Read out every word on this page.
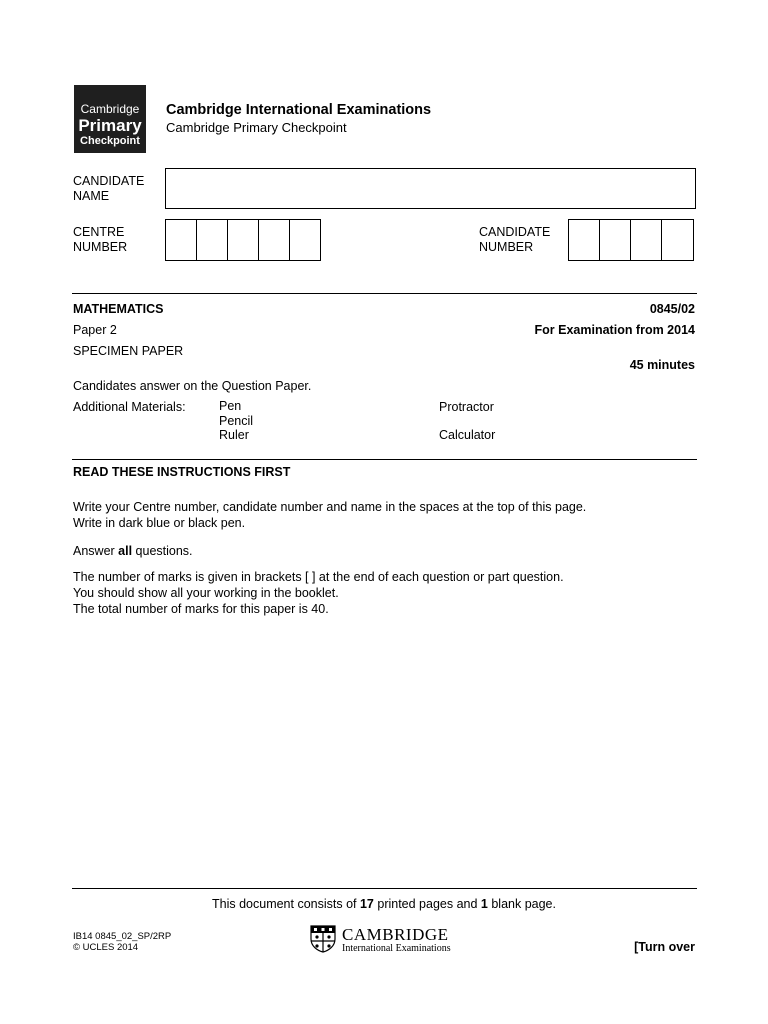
Cambridge
Primary
Checkpoint
Cambridge International Examinations
Cambridge Primary Checkpoint
CANDIDATE
NAME
CENTRE
NUMBER
CANDIDATE
NUMBER
MATHEMATICS	0845/02
Paper 2	For Examination from 2014
SPECIMEN PAPER
45 minutes
Candidates answer on the Question Paper.
Additional Materials:	Pen
Pencil
Ruler
Protractor
Calculator
READ THESE INSTRUCTIONS FIRST
Write your Centre number, candidate number and name in the spaces at the top of this page.
Write in dark blue or black pen.
Answer all questions.
The number of marks is given in brackets [ ] at the end of each question or part question.
You should show all your working in the booklet.
The total number of marks for this paper is 40.
This document consists of 17 printed pages and 1 blank page.
IB14 0845_02_SP/2RP
© UCLES 2014
CAMBRIDGE
International Examinations	[Turn over
